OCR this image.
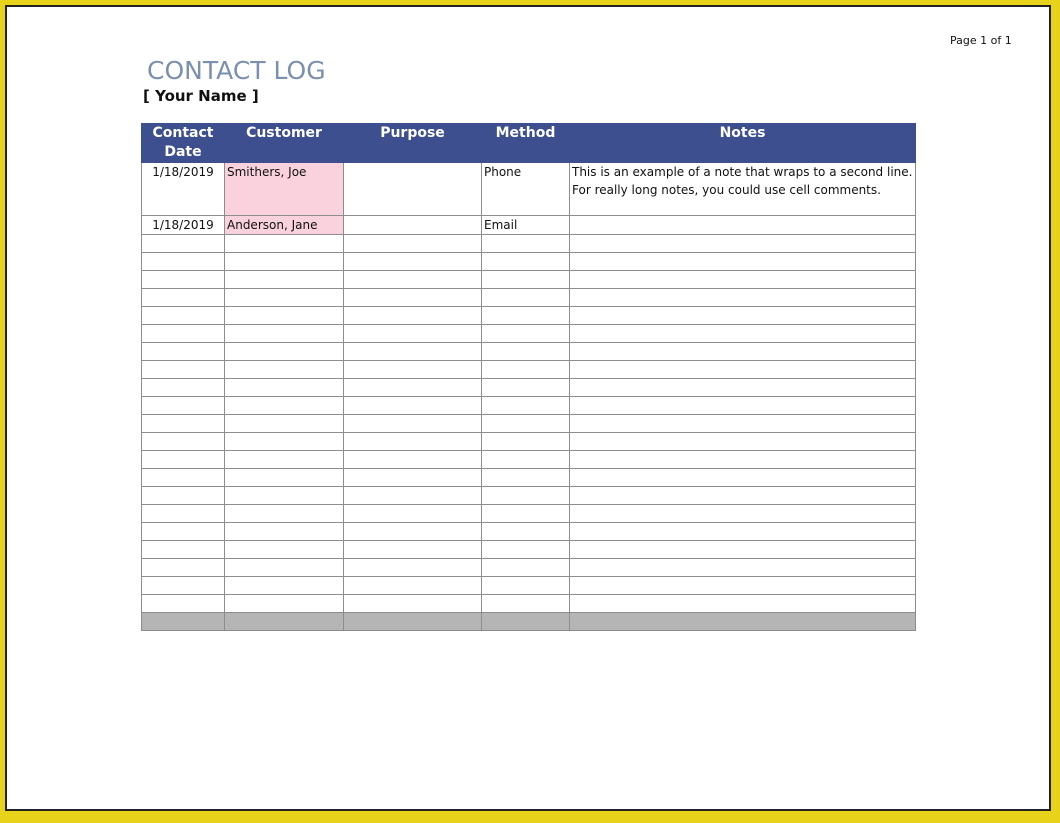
Page 1 of 1
CONTACT LOG
[ Your Name ]
Contact Date	Customer	Purpose	Method	Notes
1/18/2019	Smithers, Joe		Phone	This is an example of a note that wraps to a second line. For really long notes, you could use cell comments.
1/18/2019	Anderson, Jane		Email	
